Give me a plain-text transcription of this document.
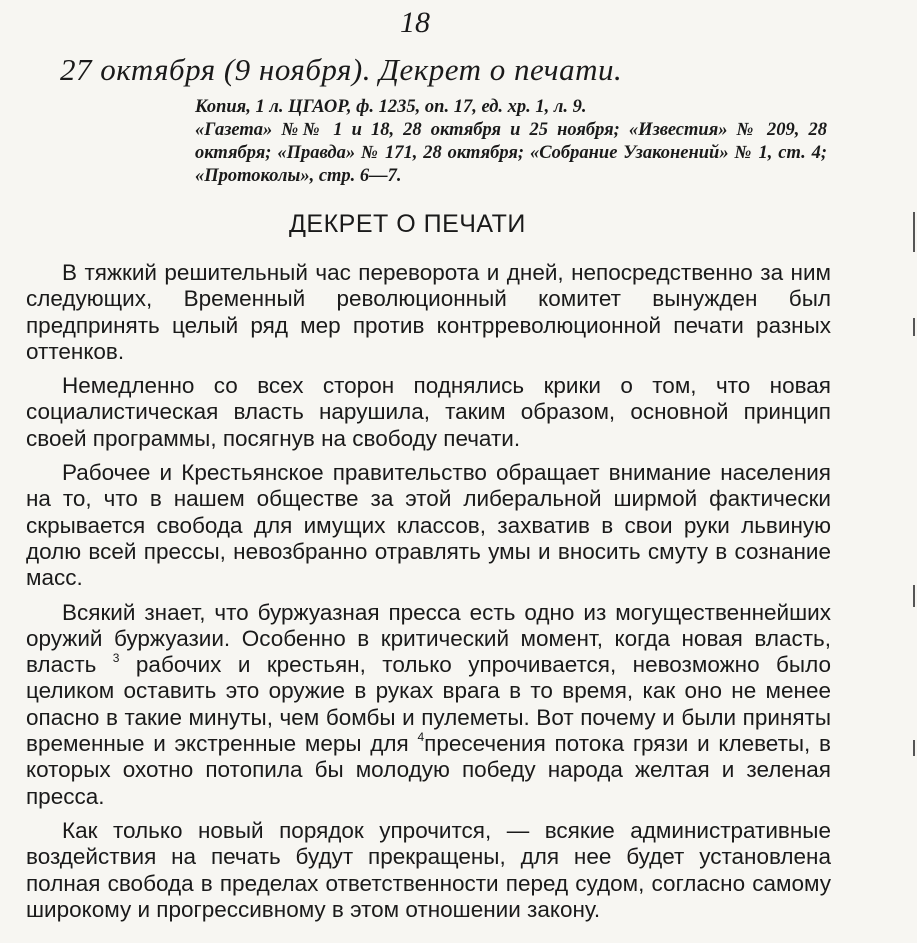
18
27 октября (9 ноября). Декрет о печати.

Копия, 1 л. ЦГАОР, ф. 1235, оп. 17, ед. хр. 1, л. 9.

«Газета» №№ 1 и 18, 28 октября и 25 ноября; «Известия» № 209, 28 октября; «Правда» № 171, 28 октября; «Собрание Узаконений» № 1, ст. 4; «Протоколы», стр. 6—7.

ДЕКРЕТ О ПЕЧАТИ

В тяжкий решительный час переворота и дней, непосредственно за ним следующих, Временный революционный комитет вынужден был предпринять целый ряд мер против контрреволюционной печати разных оттенков.

Немедленно со всех сторон поднялись крики о том, что новая социалистическая власть нарушила, таким образом, основной принцип своей программы, посягнув на свободу печати.

Рабочее и Крестьянское правительство обращает внимание населения на то, что в нашем обществе за этой либеральной ширмой фактически скрывается свобода для имущих классов, захватив в свои руки львиную долю всей прессы, невозбранно отравлять умы и вносить смуту в сознание масс.

Всякий знает, что буржуазная пресса есть одно из могущественнейших оружий буржуазии. Особенно в критический момент, когда новая власть, власть $^3$ рабочих и крестьян, только упрочивается, невозможно было целиком оставить это оружие в руках врага в то время, как оно не менее опасно в такие минуты, чем бомбы и пулеметы. Вот почему и были приняты временные и экстренные меры для $^4$пресечения потока грязи и клеветы, в которых охотно потопила бы молодую победу народа желтая и зеленая пресса.

Как только новый порядок упрочится, — всякие административные воздействия на печать будут прекращены, для нее будет установлена полная свобода в пределах ответственности перед судом, согласно самому широкому и прогрессивному в этом отношении закону.
